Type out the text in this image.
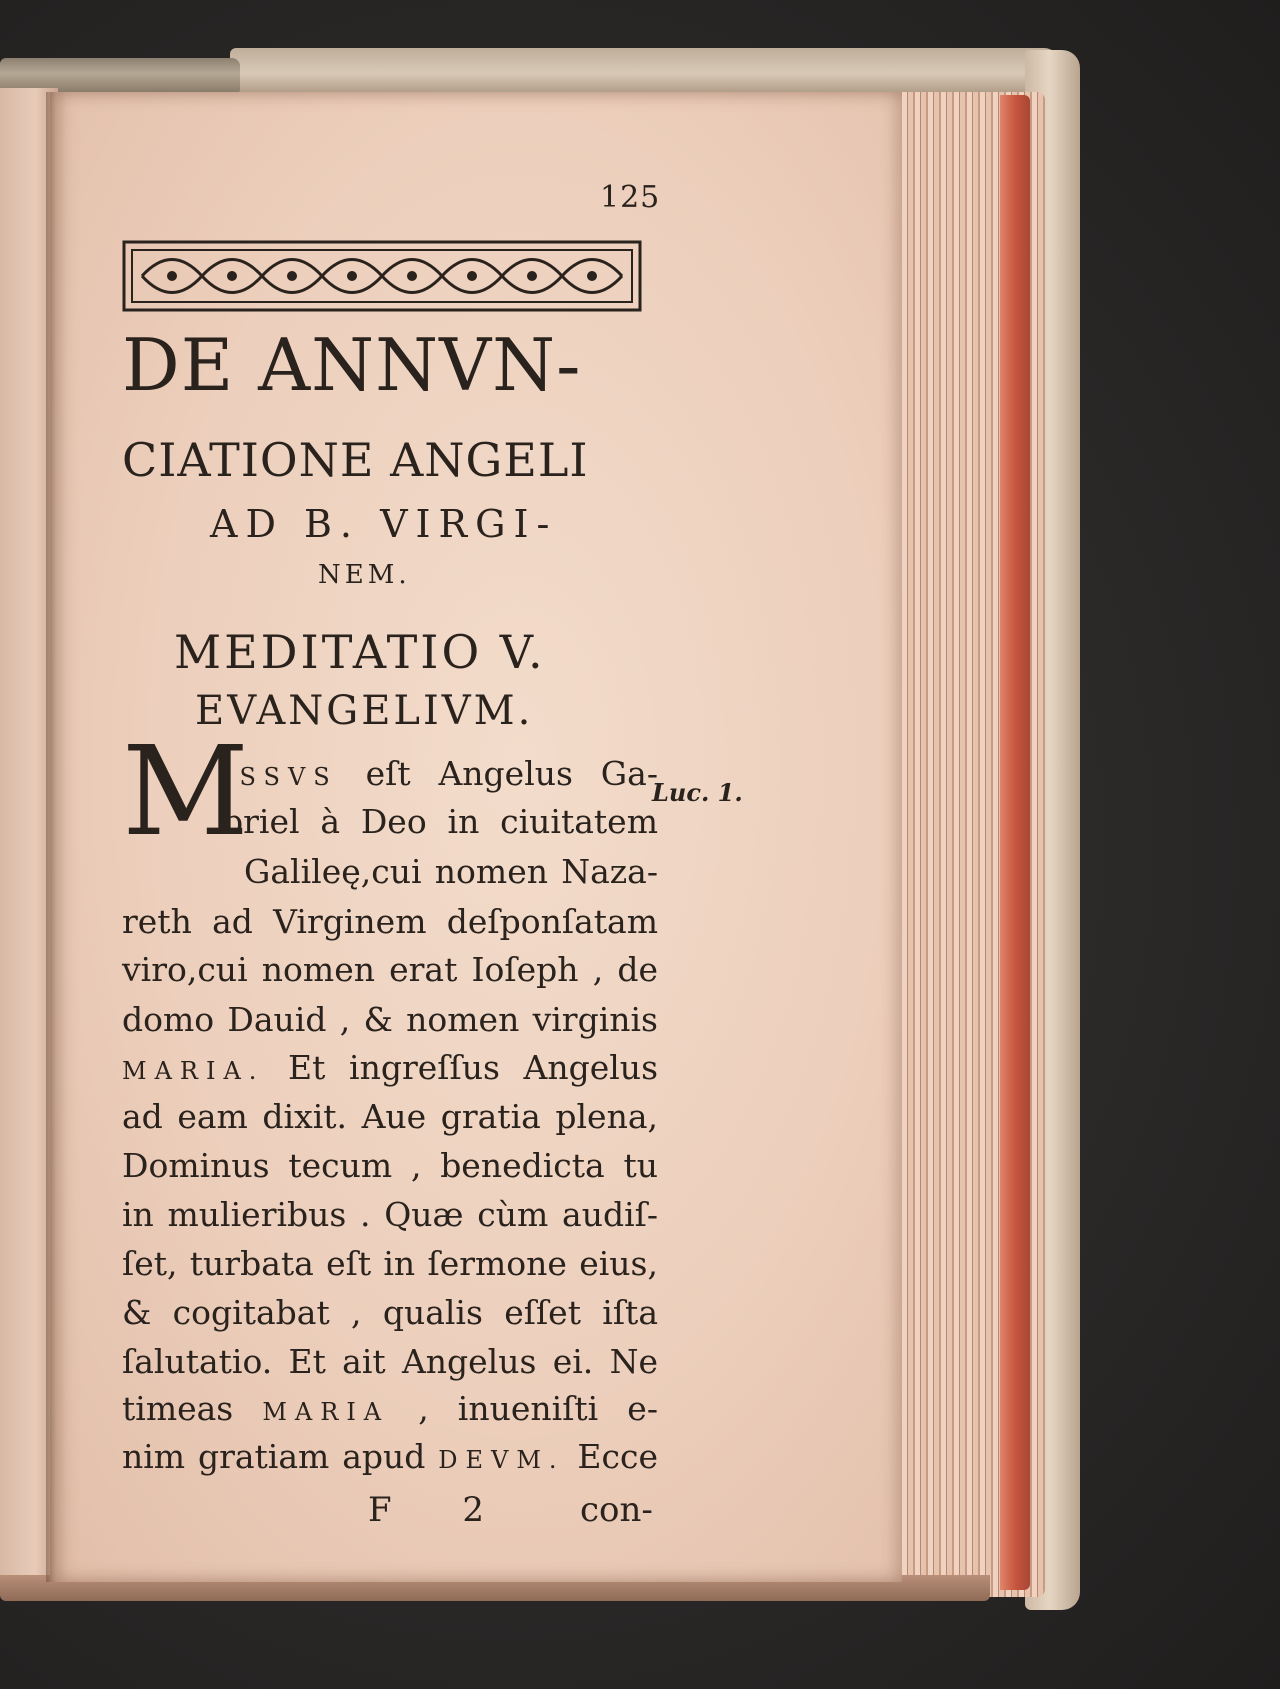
125
DE ANNVN-
CIATIONE ANGELI
AD B. VIRGI-
NEM.
MEDITATIO V.
EVANGELIVM.
M	Luc. 1.
ISSVS eſt Angelus Ga-
briel à Deo in ciuitatem
Galileę,cui nomen Naza-
reth ad Virginem deſponſatam
viro,cui nomen erat Ioſeph , de
domo Dauid , & nomen virginis
MARIA. Et ingreſſus Angelus
ad eam dixit. Aue gratia plena,
Dominus tecum , benedicta tu
in mulieribus . Quæ cùm audiſ-
ſet, turbata eſt in ſermone eius,
& cogitabat , qualis eſſet iſta
ſalutatio. Et ait Angelus ei. Ne
timeas MARIA , inueniſti e-
nim gratiam apud DEVM. Ecce
F 2 con-
